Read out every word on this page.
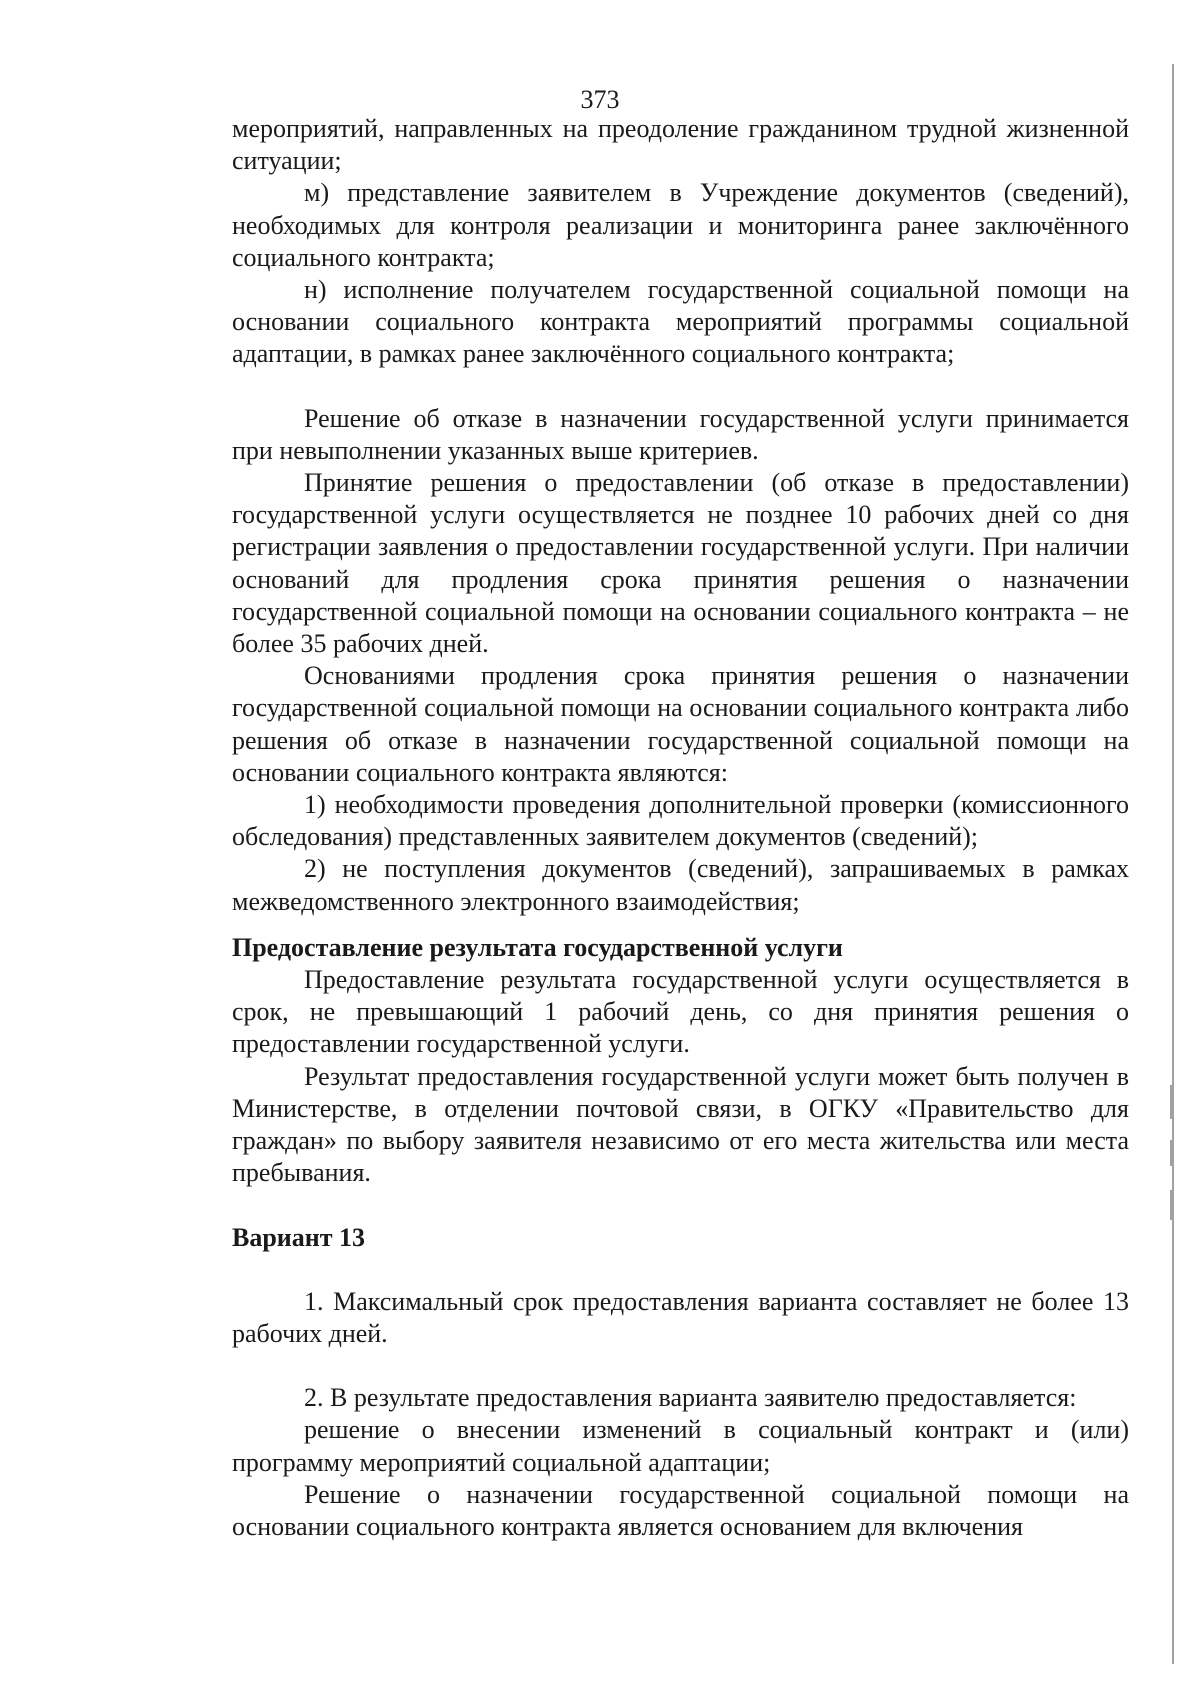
373

мероприятий, направленных на преодоление гражданином трудной жизненной ситуации;

м) представление заявителем в Учреждение документов (сведений), необходимых для контроля реализации и мониторинга ранее заключённого социального контракта;

н) исполнение получателем государственной социальной помощи на основании социального контракта мероприятий программы социальной адаптации, в рамках ранее заключённого социального контракта;

Решение об отказе в назначении государственной услуги принимается при невыполнении указанных выше критериев.

Принятие решения о предоставлении (об отказе в предоставлении) государственной услуги осуществляется не позднее 10 рабочих дней со дня регистрации заявления о предоставлении государственной услуги. При наличии оснований для продления срока принятия решения о назначении государственной социальной помощи на основании социального контракта – не более 35 рабочих дней.

Основаниями продления срока принятия решения о назначении государственной социальной помощи на основании социального контракта либо решения об отказе в назначении государственной социальной помощи на основании социального контракта являются:

1) необходимости проведения дополнительной проверки (комиссионного обследования) представленных заявителем документов (сведений);

2) не поступления документов (сведений), запрашиваемых в рамках межведомственного электронного взаимодействия;

Предоставление результата государственной услуги

Предоставление результата государственной услуги осуществляется в срок, не превышающий 1 рабочий день, со дня принятия решения о предоставлении государственной услуги.

Результат предоставления государственной услуги может быть получен в Министерстве, в отделении почтовой связи, в ОГКУ «Правительство для граждан» по выбору заявителя независимо от его места жительства или места пребывания.

Вариант 13

1. Максимальный срок предоставления варианта составляет не более 13 рабочих дней.

2. В результате предоставления варианта заявителю предоставляется:

решение о внесении изменений в социальный контракт и (или) программу мероприятий социальной адаптации;

Решение о назначении государственной социальной помощи на основании социального контракта является основанием для включения
